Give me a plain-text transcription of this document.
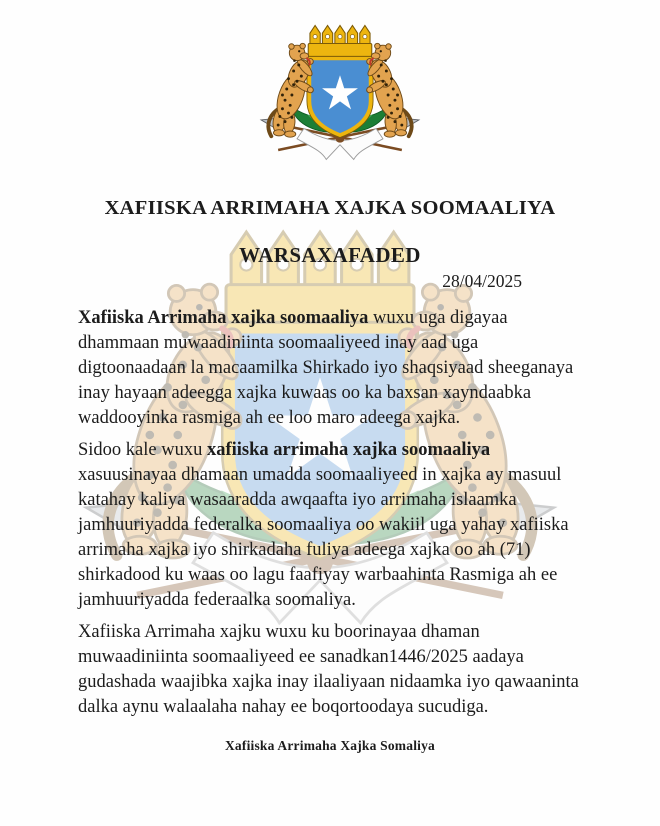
XAFIISKA ARRIMAHA XAJKA SOOMAALIYA
WARSAXAFADED
28/04/2025

Xafiiska Arrimaha xajka soomaaliya wuxu uga digayaa dhammaan muwaadiniinta soomaaliyeed inay aad uga digtoonaadaan la macaamilka Shirkado iyo shaqsiyaad sheeganaya inay hayaan adeegga xajka kuwaas oo ka baxsan xayndaabka waddooyinka rasmiga ah ee loo maro adeega xajka.

Sidoo kale wuxu xafiiska arrimaha xajka soomaaliya xasuusinayaa dhamaan umadda soomaaliyeed in xajka ay masuul katahay kaliya wasaaradda awqaafta iyo arrimaha islaamka jamhuuriyadda federalka soomaaliya oo wakiil uga yahay xafiiska arrimaha xajka iyo shirkadaha fuliya adeega xajka oo ah (71) shirkadood ku waas oo lagu faafiyay warbaahinta Rasmiga ah ee jamhuuriyadda federaalka soomaliya.

Xafiiska Arrimaha xajku wuxu ku boorinayaa dhaman muwaadiniinta soomaaliyeed ee sanadkan1446/2025 aadaya gudashada waajibka xajka inay ilaaliyaan nidaamka iyo qawaaninta dalka aynu walaalaha nahay ee boqortoodaya sucudiga.

Xafiiska Arrimaha Xajka Somaliya
